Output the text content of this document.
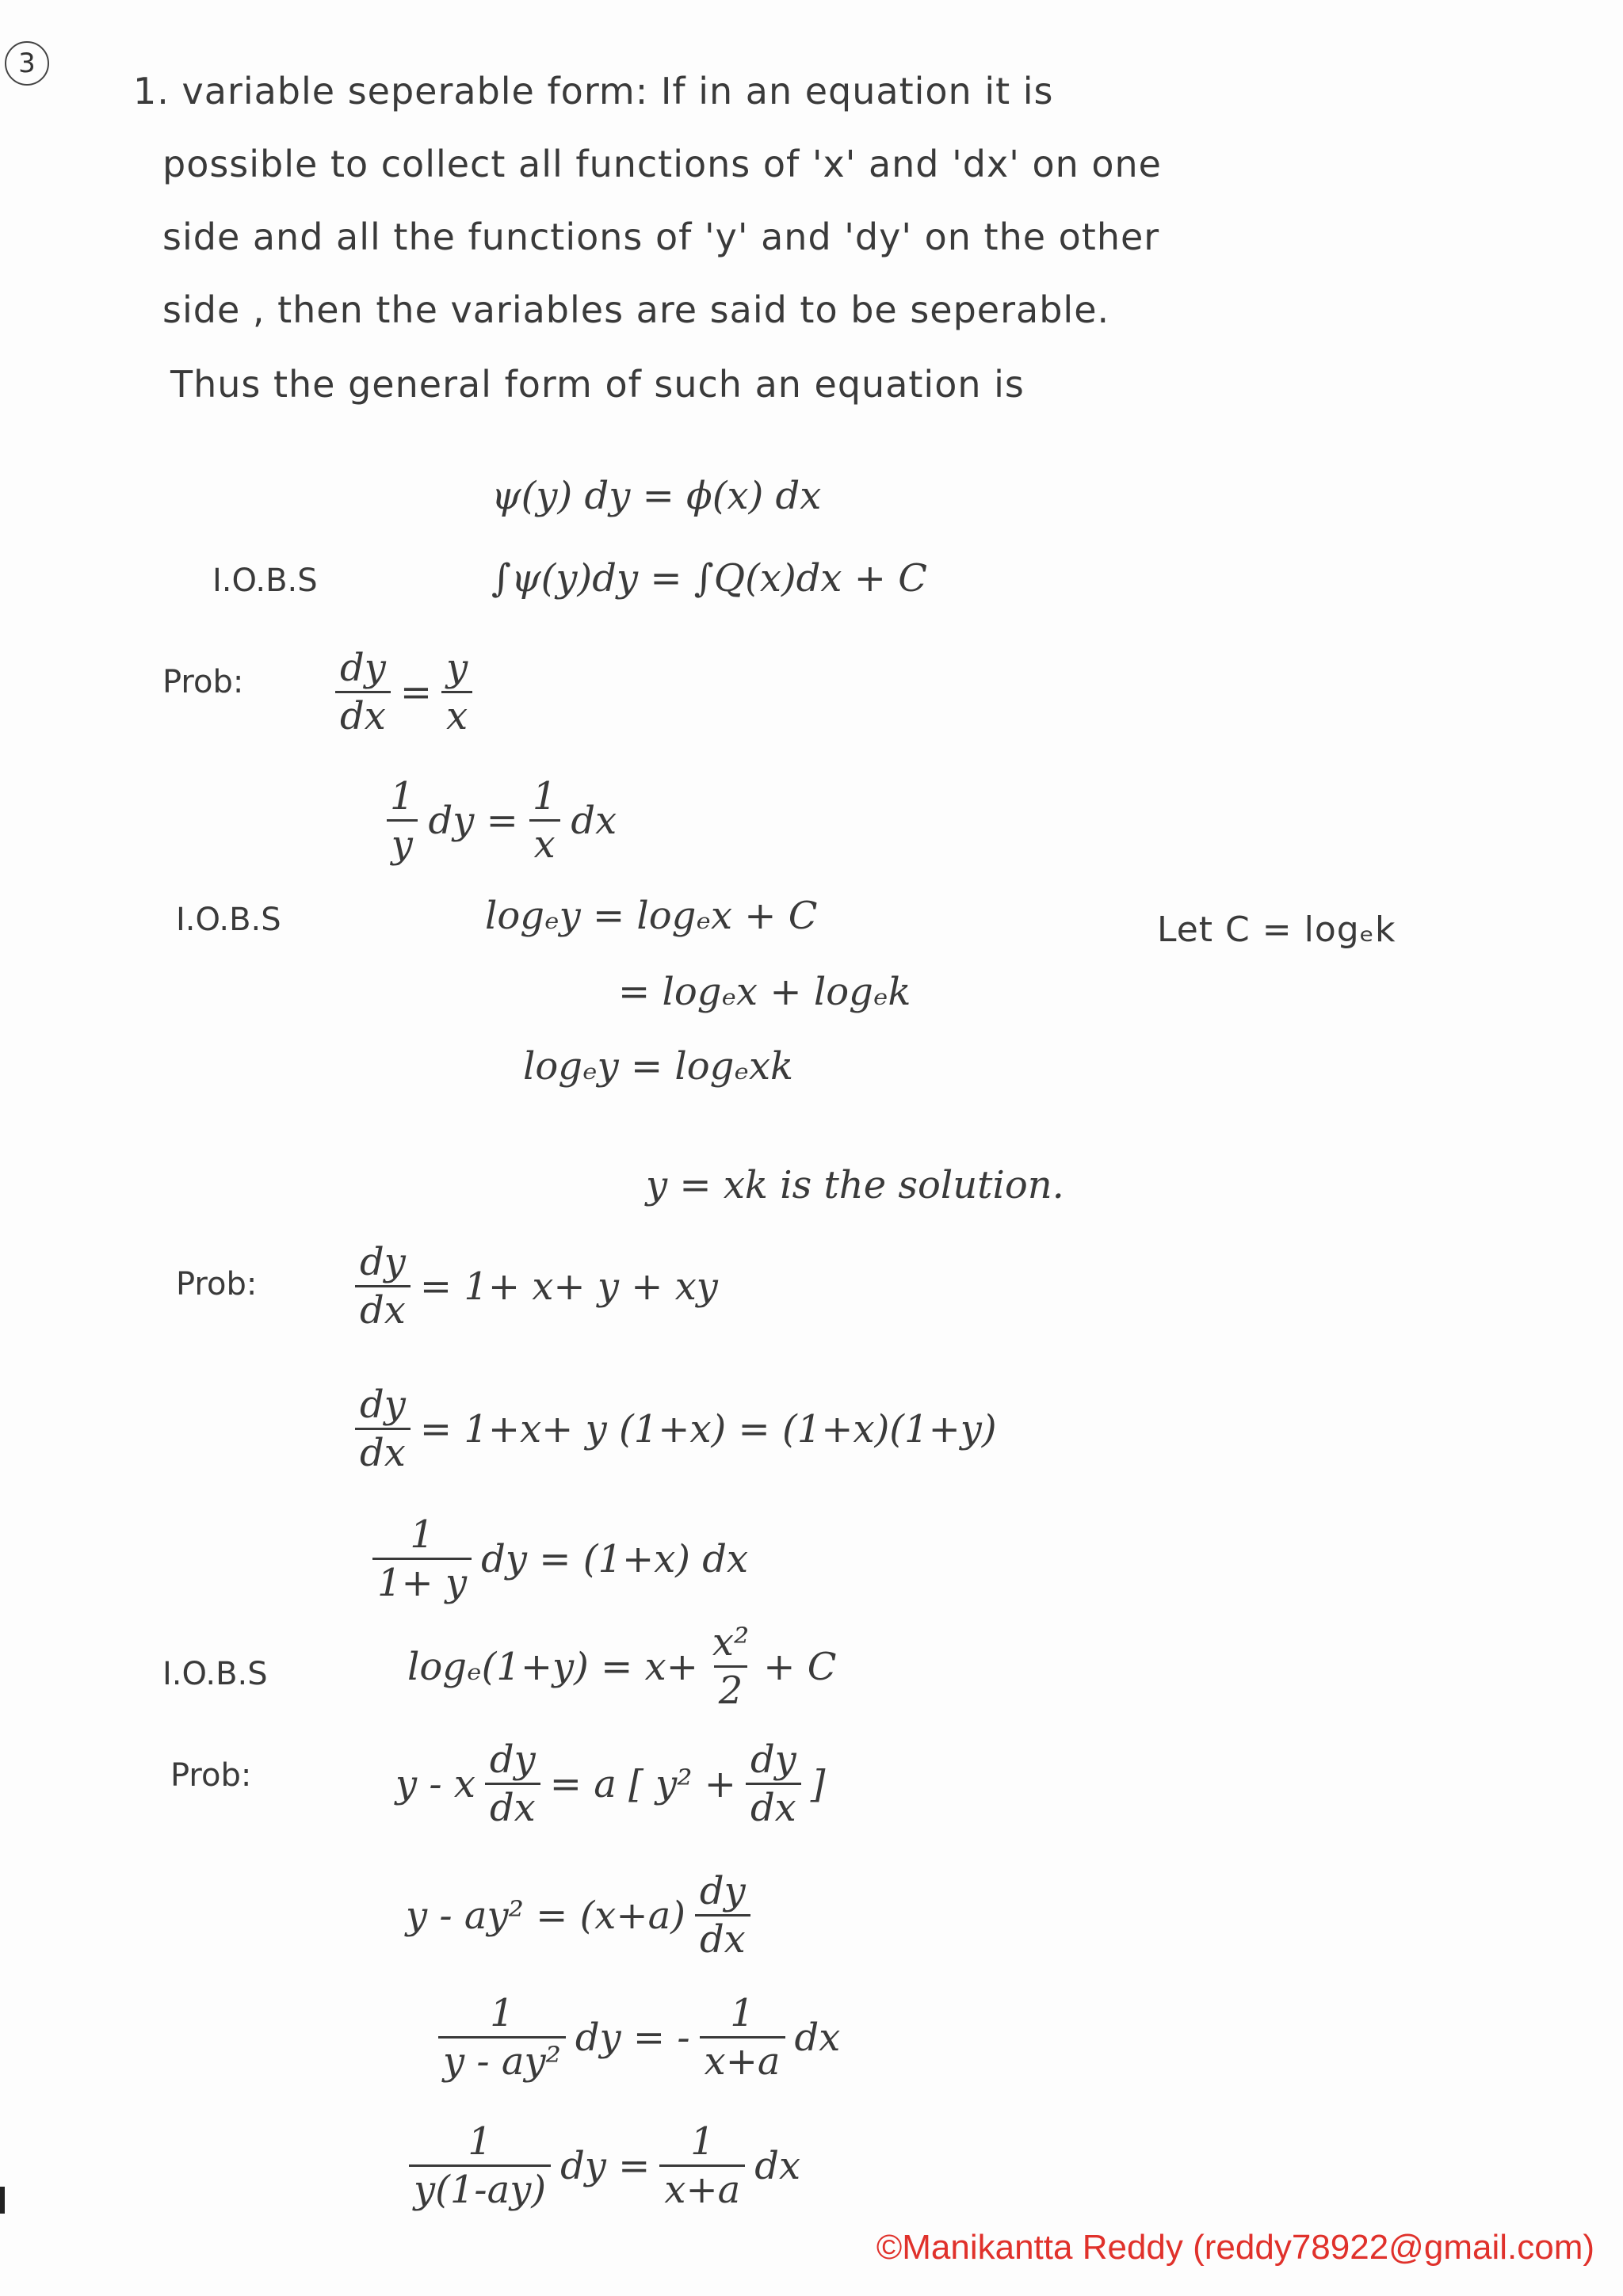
3
1. variable seperable form: If in an equation it is
possible to collect all functions of 'x' and 'dx' on one
side and all the functions of 'y' and 'dy' on the other
side , then the variables are said to be seperable.
Thus the general form of such an equation is
ψ(y) dy = ϕ(x) dx
I.O.B.S	∫ψ(y)dy = ∫Q(x)dx + C
Prob: $\frac{dy}{dx} = \frac{y}{x}$
$\frac{1}{y}$ dy = $\frac{1}{x}$ dx
I.O.B.S	logₑy = logₑx + C	Let C = logₑk
= logₑx + logₑk
logₑy = logₑxk
y = xk is the solution.
Prob:	$\frac{dy}{dx} = 1+ x+ y$ + xy
$\frac{dy}{dx} = 1+x+ y$ (1+x) = (1+x)(1+y)
$\frac{1}{1+ y}$ dy = (1+x) dx
I.O.B.S	$\log_e(1+y) = x+ \frac{\text{x²}}{2} + C$
Prob:	y - x $\frac{dy}{dx} = a$ [ $y^2 + \frac{dy}{dx}$ ]
$y - ay^2 = (x+a) \frac{dy}{dx}$
$\frac{1}{\text{y - ay²}}$ dy = - $\frac{1}{x+a}$ dx
$\frac{1}{y(1-ay)}$ dy = $\frac{1}{x+a}$ dx
©Manikantta Reddy (reddy78922@gmail.com)
